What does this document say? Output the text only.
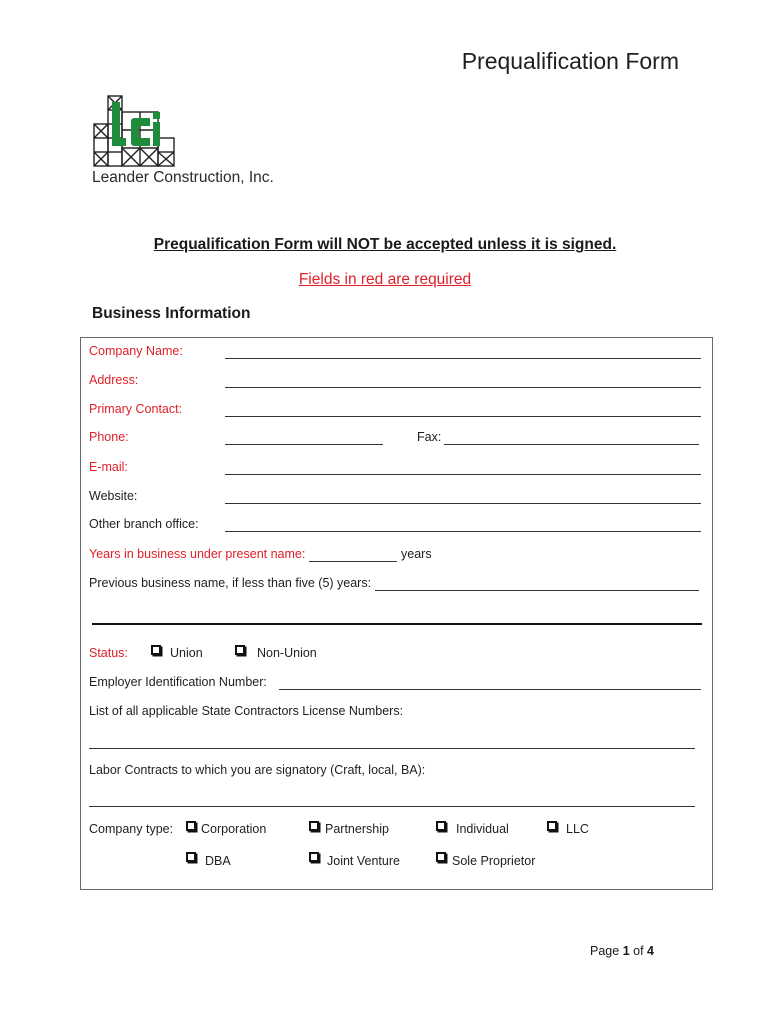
Prequalification Form
Leander Construction, Inc.
Prequalification Form will NOT be accepted unless it is signed.
Fields in red are required
Business Information
Company Name:
Address:
Primary Contact:
Phone:	Fax:
E-mail:
Website:
Other branch office:
Years in business under present name:	years
Previous business name, if less than five (5) years:
Status:	Union	Non-Union
Employer Identification Number:
List of all applicable State Contractors License Numbers:
Labor Contracts to which you are signatory (Craft, local, BA):
Company type: Corporation	Partnership	Individual	LLC
DBA	Joint Venture	Sole Proprietor
Page 1 of 4
